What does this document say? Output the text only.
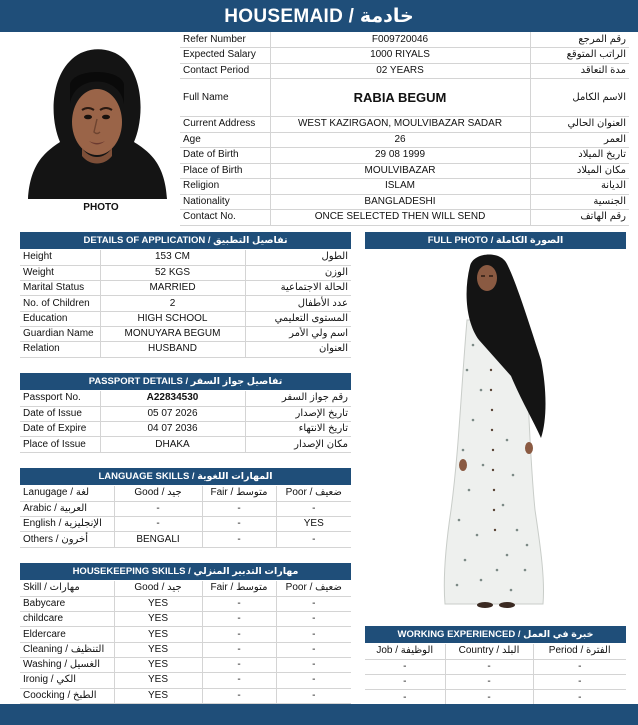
HOUSEMAID / خادمة
PHOTO
Refer Number	F009720046	رقم المرجع
Expected Salary	1000 RIYALS	الراتب المتوقع
Contact Period	02 YEARS	مدة التعاقد
Full Name	RABIA BEGUM	الاسم الكامل
Current Address	WEST KAZIRGAON, MOULVIBAZAR SADAR	العنوان الحالي
Age	26	العمر
Date of Birth	29 08 1999	تاريخ الميلاد
Place of Birth	MOULVIBAZAR	مكان الميلاد
Religion	ISLAM	الديانة
Nationality	BANGLADESHI	الجنسية
Contact No.	ONCE SELECTED THEN WILL SEND	رقم الهاتف
DETAILS OF APPLICATION / تفاصيل التطبيق
Height	153 CM	الطول
Weight	52 KGS	الوزن
Marital Status	MARRIED	الحالة الاجتماعية
No. of Children	2	عدد الأطفال
Education	HIGH SCHOOL	المستوى التعليمي
Guardian Name	MONUYARA BEGUM	اسم ولي الأمر
Relation	HUSBAND	العنوان
PASSPORT DETAILS / تفاصيل جواز السفر
Passport No.	A22834530	رقم جواز السفر
Date of Issue	05 07 2026	تاريخ الإصدار
Date of Expire	04 07 2036	تاريخ الانتهاء
Place of Issue	DHAKA	مكان الإصدار
LANGUAGE SKILLS / المهارات اللغوية
Lanugage / لغة	Good / جيد	Fair / متوسط	Poor / ضعيف
Arabic / العربية	-	-	-
English / الإنجليزية	-	-	YES
Others / أخرون	BENGALI	-	-
HOUSEKEEPING SKILLS / مهارات التدبير المنزلي
Skill / مهارات	Good / جيد	Fair / متوسط	Poor / ضعيف
Babycare	YES	-	-
childcare	YES	-	-
Eldercare	YES	-	-
Cleaning / التنظيف	YES	-	-
Washing / الغسيل	YES	-	-
Ironig / الكي	YES	-	-
Coocking / الطبخ	YES	-	-
FULL PHOTO / الصورة الكاملة
WORKING EXPERIENCED / خبرة في العمل
Job / الوظيفة	Country / البلد	Period / الفترة
-	-	-
-	-	-
-	-	-
